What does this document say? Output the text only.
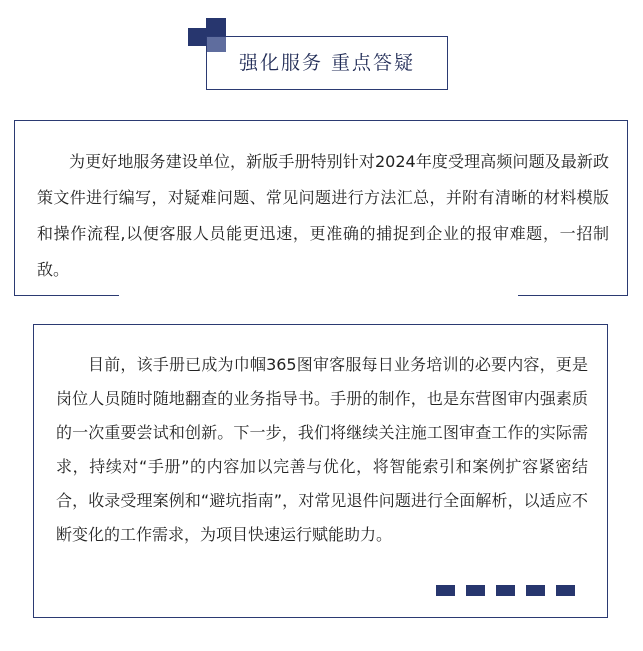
强化服务 重点答疑

为更好地服务建设单位，新版手册特别针对2024年度受理高频问题及最新政策文件进行编写，对疑难问题、常见问题进行方法汇总，并附有清晰的材料模版和操作流程,以便客服人员能更迅速，更准确的捕捉到企业的报审难题，一招制敌。

目前，该手册已成为巾帼365图审客服每日业务培训的必要内容，更是岗位人员随时随地翻查的业务指导书。手册的制作，也是东营图审内强素质的一次重要尝试和创新。下一步，我们将继续关注施工图审查工作的实际需求，持续对“手册”的内容加以完善与优化，将智能索引和案例扩容紧密结合，收录受理案例和“避坑指南”，对常见退件问题进行全面解析，以适应不断变化的工作需求，为项目快速运行赋能助力。
